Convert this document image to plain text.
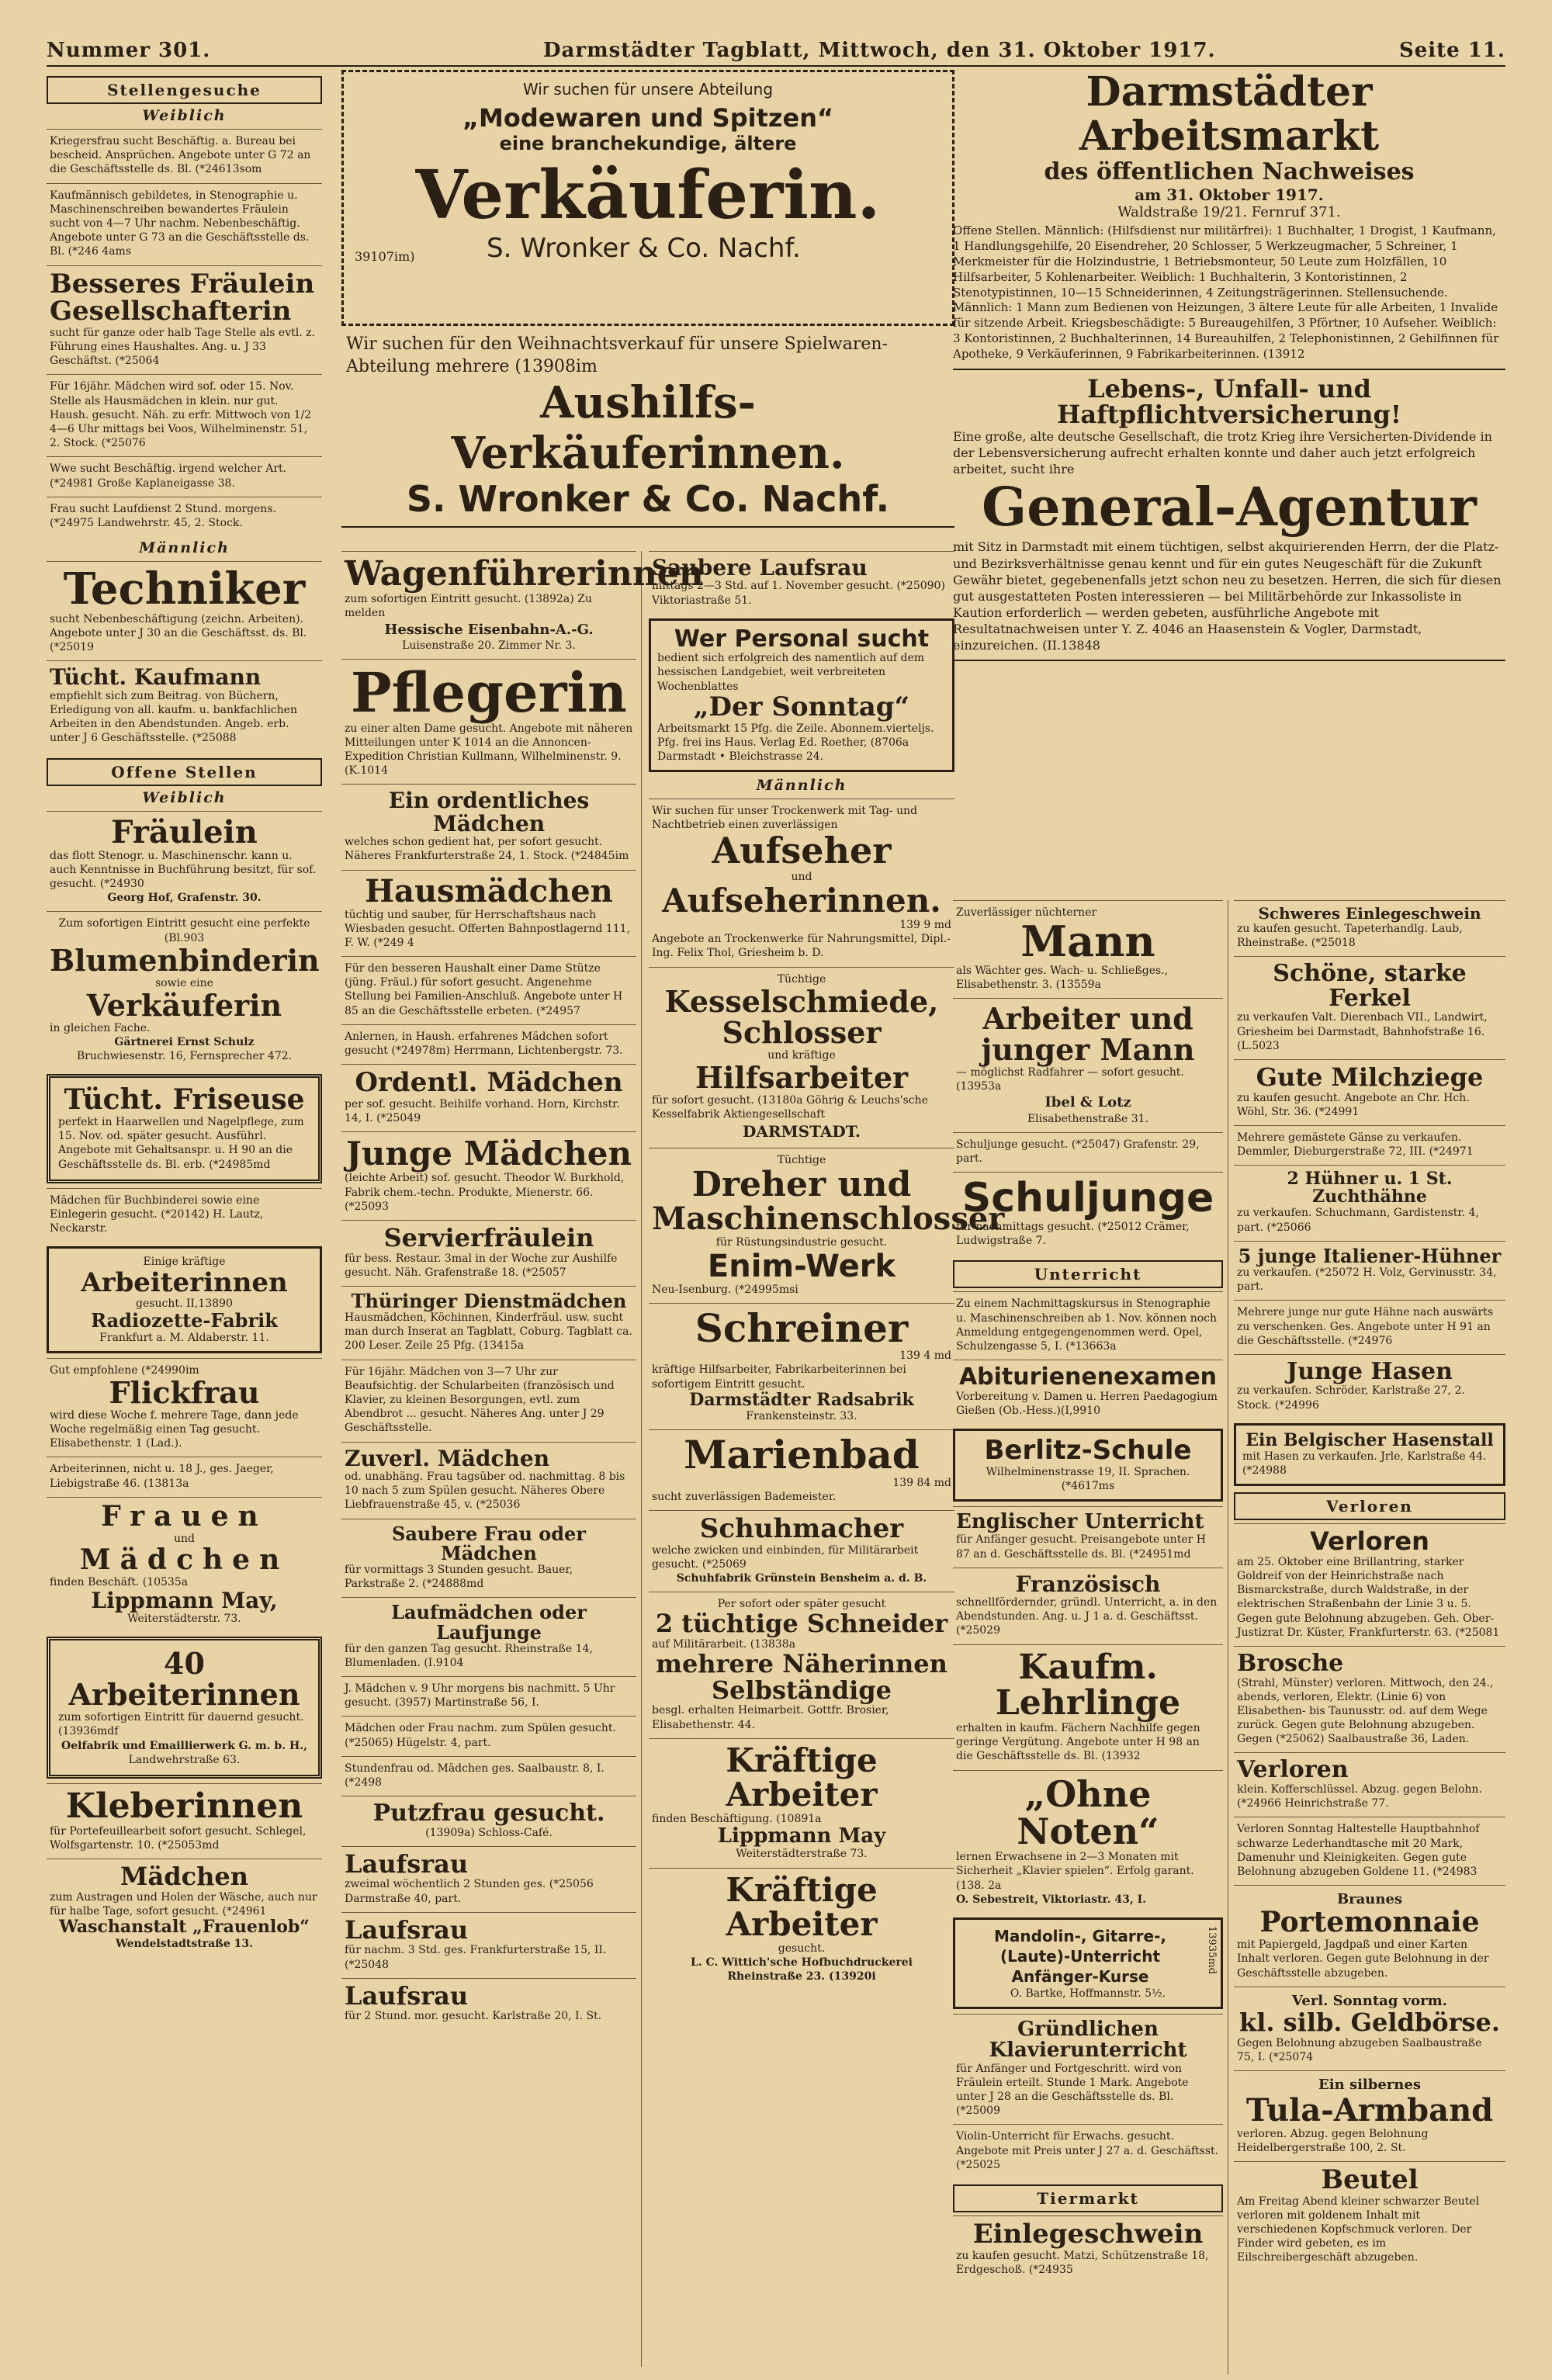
Nummer 301.	Darmstädter Tagblatt, Mittwoch, den 31. Oktober 1917.	Seite 11.
Stellengesuche
Weiblich
Kriegersfrau sucht Beschäftig. a. Bureau bei bescheid. Ansprüchen. Angebote unter G 72 an die Geschäftsstelle ds. Bl. (*24613som
Kaufmännisch gebildetes, in Stenographie u. Maschinenschreiben bewandertes Fräulein sucht von 4—7 Uhr nachm. Nebenbeschäftig. Angebote unter G 73 an die Geschäftsstelle ds. Bl. (*246 4ams
Besseres Fräulein
Gesellschafterin
sucht für ganze oder halb Tage Stelle als evtl. z. Führung eines Haushaltes. Ang. u. J 33 Geschäftst. (*25064
Für 16jähr. Mädchen wird sof. oder 15. Nov. Stelle als Hausmädchen in klein. nur gut. Haush. gesucht. Näh. zu erfr. Mittwoch von 1/2 4—6 Uhr mittags bei Voos, Wilhelminenstr. 51, 2. Stock. (*25076
Wwe sucht Beschäftig. irgend welcher Art. (*24981 Große Kaplaneigasse 38.
Frau sucht Laufdienst 2 Stund. morgens. (*24975 Landwehrstr. 45, 2. Stock.
Männlich
Techniker
sucht Nebenbeschäftigung (zeichn. Arbeiten). Angebote unter J 30 an die Geschäftsst. ds. Bl. (*25019
Tücht. Kaufmann
empfiehlt sich zum Beitrag. von Büchern, Erledigung von all. kaufm. u. bankfachlichen Arbeiten in den Abendstunden. Angeb. erb. unter J 6 Geschäftsstelle. (*25088
Offene Stellen
Weiblich
Fräulein
das flott Stenogr. u. Maschinenschr. kann u. auch Kenntnisse in Buchführung besitzt, für sof. gesucht. (*24930
Georg Hof, Grafenstr. 30.
Zum sofortigen Eintritt gesucht eine perfekte (Bl.903
Blumenbinderin
sowie eine
Verkäuferin
in gleichen Fache.
Gärtnerei Ernst Schulz
Bruchwiesenstr. 16, Fernsprecher 472.
Tücht. Friseuse
perfekt in Haarwellen und Nagelpflege, zum 15. Nov. od. später gesucht. Ausführl. Angebote mit Gehaltsanspr. u. H 90 an die Geschäftsstelle ds. Bl. erb. (*24985md
Mädchen für Buchbinderei sowie eine Einlegerin gesucht. (*20142) H. Lautz, Neckarstr.
Einige kräftige
Arbeiterinnen
gesucht. II,13890
Radiozette-Fabrik
Frankfurt a. M. Aldaberstr. 11.
Gut empfohlene (*24990im
Flickfrau
wird diese Woche f. mehrere Tage, dann jede Woche regelmäßig einen Tag gesucht. Elisabethenstr. 1 (Lad.).
Arbeiterinnen, nicht u. 18 J., ges. Jaeger, Liebigstraße 46. (13813a
Frauen
und
Mädchen
finden Beschäft. (10535a
Lippmann May,
Weiterstädterstr. 73.
40 Arbeiterinnen
zum sofortigen Eintritt für dauernd gesucht. (13936mdf
Oelfabrik und Emaillierwerk G. m. b. H.,
Landwehrstraße 63.
Kleberinnen
für Portefeuillearbeit sofort gesucht. Schlegel, Wolfsgartenstr. 10. (*25053md
Mädchen
zum Austragen und Holen der Wäsche, auch nur für halbe Tage, sofort gesucht. (*24961
Waschanstalt „Frauenlob“
Wendelstadtstraße 13.
Wir suchen für unsere Abteilung
„Modewaren und Spitzen“
eine branchekundige, ältere
Verkäuferin.
39107im)	S. Wronker & Co. Nachf.
Wir suchen für den Weihnachtsverkauf für unsere Spielwaren-Abteilung mehrere (13908im
Aushilfs-Verkäuferinnen.
S. Wronker & Co. Nachf.
Wagenführerinnen
zum sofortigen Eintritt gesucht. (13892a) Zu melden
Hessische Eisenbahn-A.-G.
Luisenstraße 20. Zimmer Nr. 3.
Pflegerin
zu einer alten Dame gesucht. Angebote mit näheren Mitteilungen unter K 1014 an die Annoncen-Expedition Christian Kullmann, Wilhelminenstr. 9. (K.1014
Ein ordentliches Mädchen
welches schon gedient hat, per sofort gesucht. Näheres Frankfurterstraße 24, 1. Stock. (*24845im
Hausmädchen
tüchtig und sauber, für Herrschaftshaus nach Wiesbaden gesucht. Offerten Bahnpostlagernd 111, F. W. (*249 4
Für den besseren Haushalt einer Dame Stütze (jüng. Fräul.) für sofort gesucht. Angenehme Stellung bei Familien-Anschluß. Angebote unter H 85 an die Geschäftsstelle erbeten. (*24957
Anlernen, in Haush. erfahrenes Mädchen sofort gesucht (*24978m) Herrmann, Lichtenbergstr. 73.
Ordentl. Mädchen
per sof. gesucht. Beihilfe vorhand. Horn, Kirchstr. 14, I. (*25049
Junge Mädchen
(leichte Arbeit) sof. gesucht. Theodor W. Burkhold, Fabrik chem.-techn. Produkte, Mienerstr. 66. (*25093
Servierfräulein
für bess. Restaur. 3mal in der Woche zur Aushilfe gesucht. Näh. Grafenstraße 18. (*25057
Thüringer Dienstmädchen
Hausmädchen, Köchinnen, Kinderfräul. usw. sucht man durch Inserat an Tagblatt, Coburg. Tagblatt ca. 200 Leser. Zeile 25 Pfg. (13415a
Für 16jähr. Mädchen von 3—7 Uhr zur Beaufsichtig. der Schularbeiten (französisch und Klavier, zu kleinen Besorgungen, evtl. zum Abendbrot ... gesucht. Näheres Ang. unter J 29 Geschäftsstelle.
Zuverl. Mädchen
od. unabhäng. Frau tagsüber od. nachmittag. 8 bis 10 nach 5 zum Spülen gesucht. Näheres Obere Liebfrauenstraße 45, v. (*25036
Saubere Frau oder Mädchen
für vormittags 3 Stunden gesucht. Bauer, Parkstraße 2. (*24888md
Laufmädchen oder Laufjunge
für den ganzen Tag gesucht. Rheinstraße 14, Blumenladen. (I.9104
J. Mädchen v. 9 Uhr morgens bis nachmitt. 5 Uhr gesucht. (3957) Martinstraße 56, I.
Mädchen oder Frau nachm. zum Spülen gesucht. (*25065) Hügelstr. 4, part.
Stundenfrau od. Mädchen ges. Saalbaustr. 8, I. (*2498
Putzfrau gesucht.
(13909a) Schloss-Café.
Laufsrau
zweimal wöchentlich 2 Stunden ges. (*25056 Darmstraße 40, part.
Laufsrau
für nachm. 3 Std. ges. Frankfurterstraße 15, II. (*25048
Laufsrau
für 2 Stund. mor. gesucht. Karlstraße 20, I. St.
Saubere Laufsrau
mittags 2—3 Std. auf 1. November gesucht. (*25090) Viktoriastraße 51.
Wer Personal sucht
bedient sich erfolgreich des namentlich auf dem hessischen Landgebiet, weit verbreiteten Wochenblattes
„Der Sonntag“
Arbeitsmarkt 15 Pfg. die Zeile. Abonnem.vierteljs. Pfg. frei ins Haus. Verlag Ed. Roether, (8706a Darmstadt • Bleichstrasse 24.
Männlich
Wir suchen für unser Trockenwerk mit Tag- und Nachtbetrieb einen zuverlässigen
Aufseher
und
Aufseherinnen.
139 9 md
Angebote an Trockenwerke für Nahrungsmittel, Dipl.-Ing. Felix Thol, Griesheim b. D.
Tüchtige
Kesselschmiede,
Schlosser
und kräftige
Hilfsarbeiter
für sofort gesucht. (13180a Göhrig & Leuchs'sche Kesselfabrik Aktiengesellschaft
DARMSTADT.
Tüchtige
Dreher und
Maschinenschlosser
für Rüstungsindustrie gesucht.
Enim-Werk
Neu-Isenburg. (*24995msi
Schreiner
139 4 md
kräftige Hilfsarbeiter, Fabrikarbeiterinnen bei sofortigem Eintritt gesucht.
Darmstädter Radsabrik
Frankensteinstr. 33.
Marienbad
139 84 md
sucht zuverlässigen Bademeister.
Schuhmacher
welche zwicken und einbinden, für Militärarbeit gesucht. (*25069
Schuhfabrik Grünstein Bensheim a. d. B.
Per sofort oder später gesucht
2 tüchtige Schneider
auf Militärarbeit. (13838a
mehrere Näherinnen
Selbständige
besgl. erhalten Heimarbeit. Gottfr. Brosier, Elisabethenstr. 44.
Kräftige Arbeiter
finden Beschäftigung. (10891a
Lippmann May
Weiterstädterstraße 73.
Kräftige Arbeiter
gesucht.
L. C. Wittich'sche Hofbuchdruckerei
Rheinstraße 23. (13920i
Darmstädter Arbeitsmarkt
des öffentlichen Nachweises
am 31. Oktober 1917.
Waldstraße 19/21. Fernruf 371.
Offene Stellen. Männlich: (Hilfsdienst nur militärfrei): 1 Buchhalter, 1 Drogist, 1 Kaufmann, 1 Handlungsgehilfe, 20 Eisendreher, 20 Schlosser, 5 Werkzeugmacher, 5 Schreiner, 1 Merkmeister für die Holzindustrie, 1 Betriebsmonteur, 50 Leute zum Holzfällen, 10 Hilfsarbeiter, 5 Kohlenarbeiter. Weiblich: 1 Buchhalterin, 3 Kontoristinnen, 2 Stenotypistinnen, 10—15 Schneiderinnen, 4 Zeitungsträgerinnen. Stellensuchende. Männlich: 1 Mann zum Bedienen von Heizungen, 3 ältere Leute für alle Arbeiten, 1 Invalide für sitzende Arbeit. Kriegsbeschädigte: 5 Bureaugehilfen, 3 Pförtner, 10 Aufseher. Weiblich: 3 Kontoristinnen, 2 Buchhalterinnen, 14 Bureauhilfen, 2 Telephonistinnen, 2 Gehilfinnen für Apotheke, 9 Verkäuferinnen, 9 Fabrikarbeiterinnen. (13912
Lebens-, Unfall- und Haftpflichtversicherung!
Eine große, alte deutsche Gesellschaft, die trotz Krieg ihre Versicherten-Dividende in der Lebensversicherung aufrecht erhalten konnte und daher auch jetzt erfolgreich arbeitet, sucht ihre
General-Agentur
mit Sitz in Darmstadt mit einem tüchtigen, selbst akquirierenden Herrn, der die Platz- und Bezirksverhältnisse genau kennt und für ein gutes Neugeschäft für die Zukunft Gewähr bietet, gegebenenfalls jetzt schon neu zu besetzen. Herren, die sich für diesen gut ausgestatteten Posten interessieren — bei Militärbehörde zur Inkassoliste in Kaution erforderlich — werden gebeten, ausführliche Angebote mit Resultatnachweisen unter Y. Z. 4046 an Haasenstein & Vogler, Darmstadt, einzureichen. (II.13848
Zuverlässiger nüchterner
Mann
als Wächter ges. Wach- u. Schließges., Elisabethenstr. 3. (13559a
Arbeiter und junger Mann
— möglichst Radfahrer — sofort gesucht. (13953a
Ibel & Lotz
Elisabethenstraße 31.
Schuljunge gesucht. (*25047) Grafenstr. 29, part.
Schuljunge
für nachmittags gesucht. (*25012 Crämer, Ludwigstraße 7.
Unterricht
Zu einem Nachmittagskursus in Stenographie u. Maschinenschreiben ab 1. Nov. können noch Anmeldung entgegengenommen werd. Opel, Schulzengasse 5, I. (*13663a
Abiturienenexamen
Vorbereitung v. Damen u. Herren Paedagogium Gießen (Ob.-Hess.)(I,9910
Berlitz-Schule
Wilhelminenstrasse 19, II. Sprachen. (*4617ms
Englischer Unterricht
für Anfänger gesucht. Preisangebote unter H 87 an d. Geschäftsstelle ds. Bl. (*24951md
Französisch
schnellfördernder, gründl. Unterricht, a. in den Abendstunden. Ang. u. J 1 a. d. Geschäftsst. (*25029
Kaufm. Lehrlinge
erhalten in kaufm. Fächern Nachhilfe gegen geringe Vergütung. Angebote unter H 98 an die Geschäftsstelle ds. Bl. (13932
„Ohne Noten“
lernen Erwachsene in 2—3 Monaten mit Sicherheit „Klavier spielen“. Erfolg garant. (138. 2a
O. Sebestreit, Viktoriastr. 43, I.
Mandolin-, Gitarre-, (Laute)-Unterricht Anfänger-Kurse
O. Bartke, Hoffmannstr. 5½.
13935md
Gründlichen Klavierunterricht
für Anfänger und Fortgeschritt. wird von Fräulein erteilt. Stunde 1 Mark. Angebote unter J 28 an die Geschäftsstelle ds. Bl. (*25009
Violin-Unterricht für Erwachs. gesucht. Angebote mit Preis unter J 27 a. d. Geschäftsst. (*25025
Tiermarkt
Einlegeschwein
zu kaufen gesucht. Matzi, Schützenstraße 18, Erdgeschoß. (*24935
Schweres Einlegeschwein
zu kaufen gesucht. Tapeterhandlg. Laub, Rheinstraße. (*25018
Schöne, starke Ferkel
zu verkaufen Valt. Dierenbach VII., Landwirt, Griesheim bei Darmstadt, Bahnhofstraße 16. (L.5023
Gute Milchziege
zu kaufen gesucht. Angebote an Chr. Hch. Wöhl, Str. 36. (*24991
Mehrere gemästete Gänse zu verkaufen. Demmler, Dieburgerstraße 72, III. (*24971
2 Hühner u. 1 St. Zuchthähne
zu verkaufen. Schuchmann, Gardistenstr. 4, part. (*25066
5 junge Italiener-Hühner
zu verkaufen. (*25072 H. Volz, Gervinusstr. 34, part.
Mehrere junge nur gute Hähne nach auswärts zu verschenken. Ges. Angebote unter H 91 an die Geschäftsstelle. (*24976
Junge Hasen
zu verkaufen. Schröder, Karlstraße 27, 2. Stock. (*24996
Ein Belgischer Hasenstall
mit Hasen zu verkaufen. Jrle, Karlstraße 44. (*24988
Verloren
Verloren
am 25. Oktober eine Brillantring, starker Goldreif von der Heinrichstraße nach Bismarckstraße, durch Waldstraße, in der elektrischen Straßenbahn der Linie 3 u. 5. Gegen gute Belohnung abzugeben. Geh. Ober-Justizrat Dr. Küster, Frankfurterstr. 63. (*25081
Brosche
(Strahl, Münster) verloren. Mittwoch, den 24., abends, verloren, Elektr. (Linie 6) von Elisabethen- bis Taunusstr. od. auf dem Wege zurück. Gegen gute Belohnung abzugeben. Gegen (*25062) Saalbaustraße 36, Laden.
Verloren
klein. Kofferschlüssel. Abzug. gegen Belohn. (*24966 Heinrichstraße 77.
Verloren Sonntag Haltestelle Hauptbahnhof schwarze Lederhandtasche mit 20 Mark, Damenuhr und Kleinigkeiten. Gegen gute Belohnung abzugeben Goldene 11. (*24983
Braunes
Portemonnaie
mit Papiergeld, Jagdpaß und einer Karten Inhalt verloren. Gegen gute Belohnung in der Geschäftsstelle abzugeben.
Verl. Sonntag vorm.
kl. silb. Geldbörse.
Gegen Belohnung abzugeben Saalbaustraße 75, I. (*25074
Ein silbernes
Tula-Armband
verloren. Abzug. gegen Belohnung Heidelbergerstraße 100, 2. St.
Beutel
Am Freitag Abend kleiner schwarzer Beutel verloren mit goldenem Inhalt mit verschiedenen Kopfschmuck verloren. Der Finder wird gebeten, es im Eilschreibergeschäft abzugeben.
